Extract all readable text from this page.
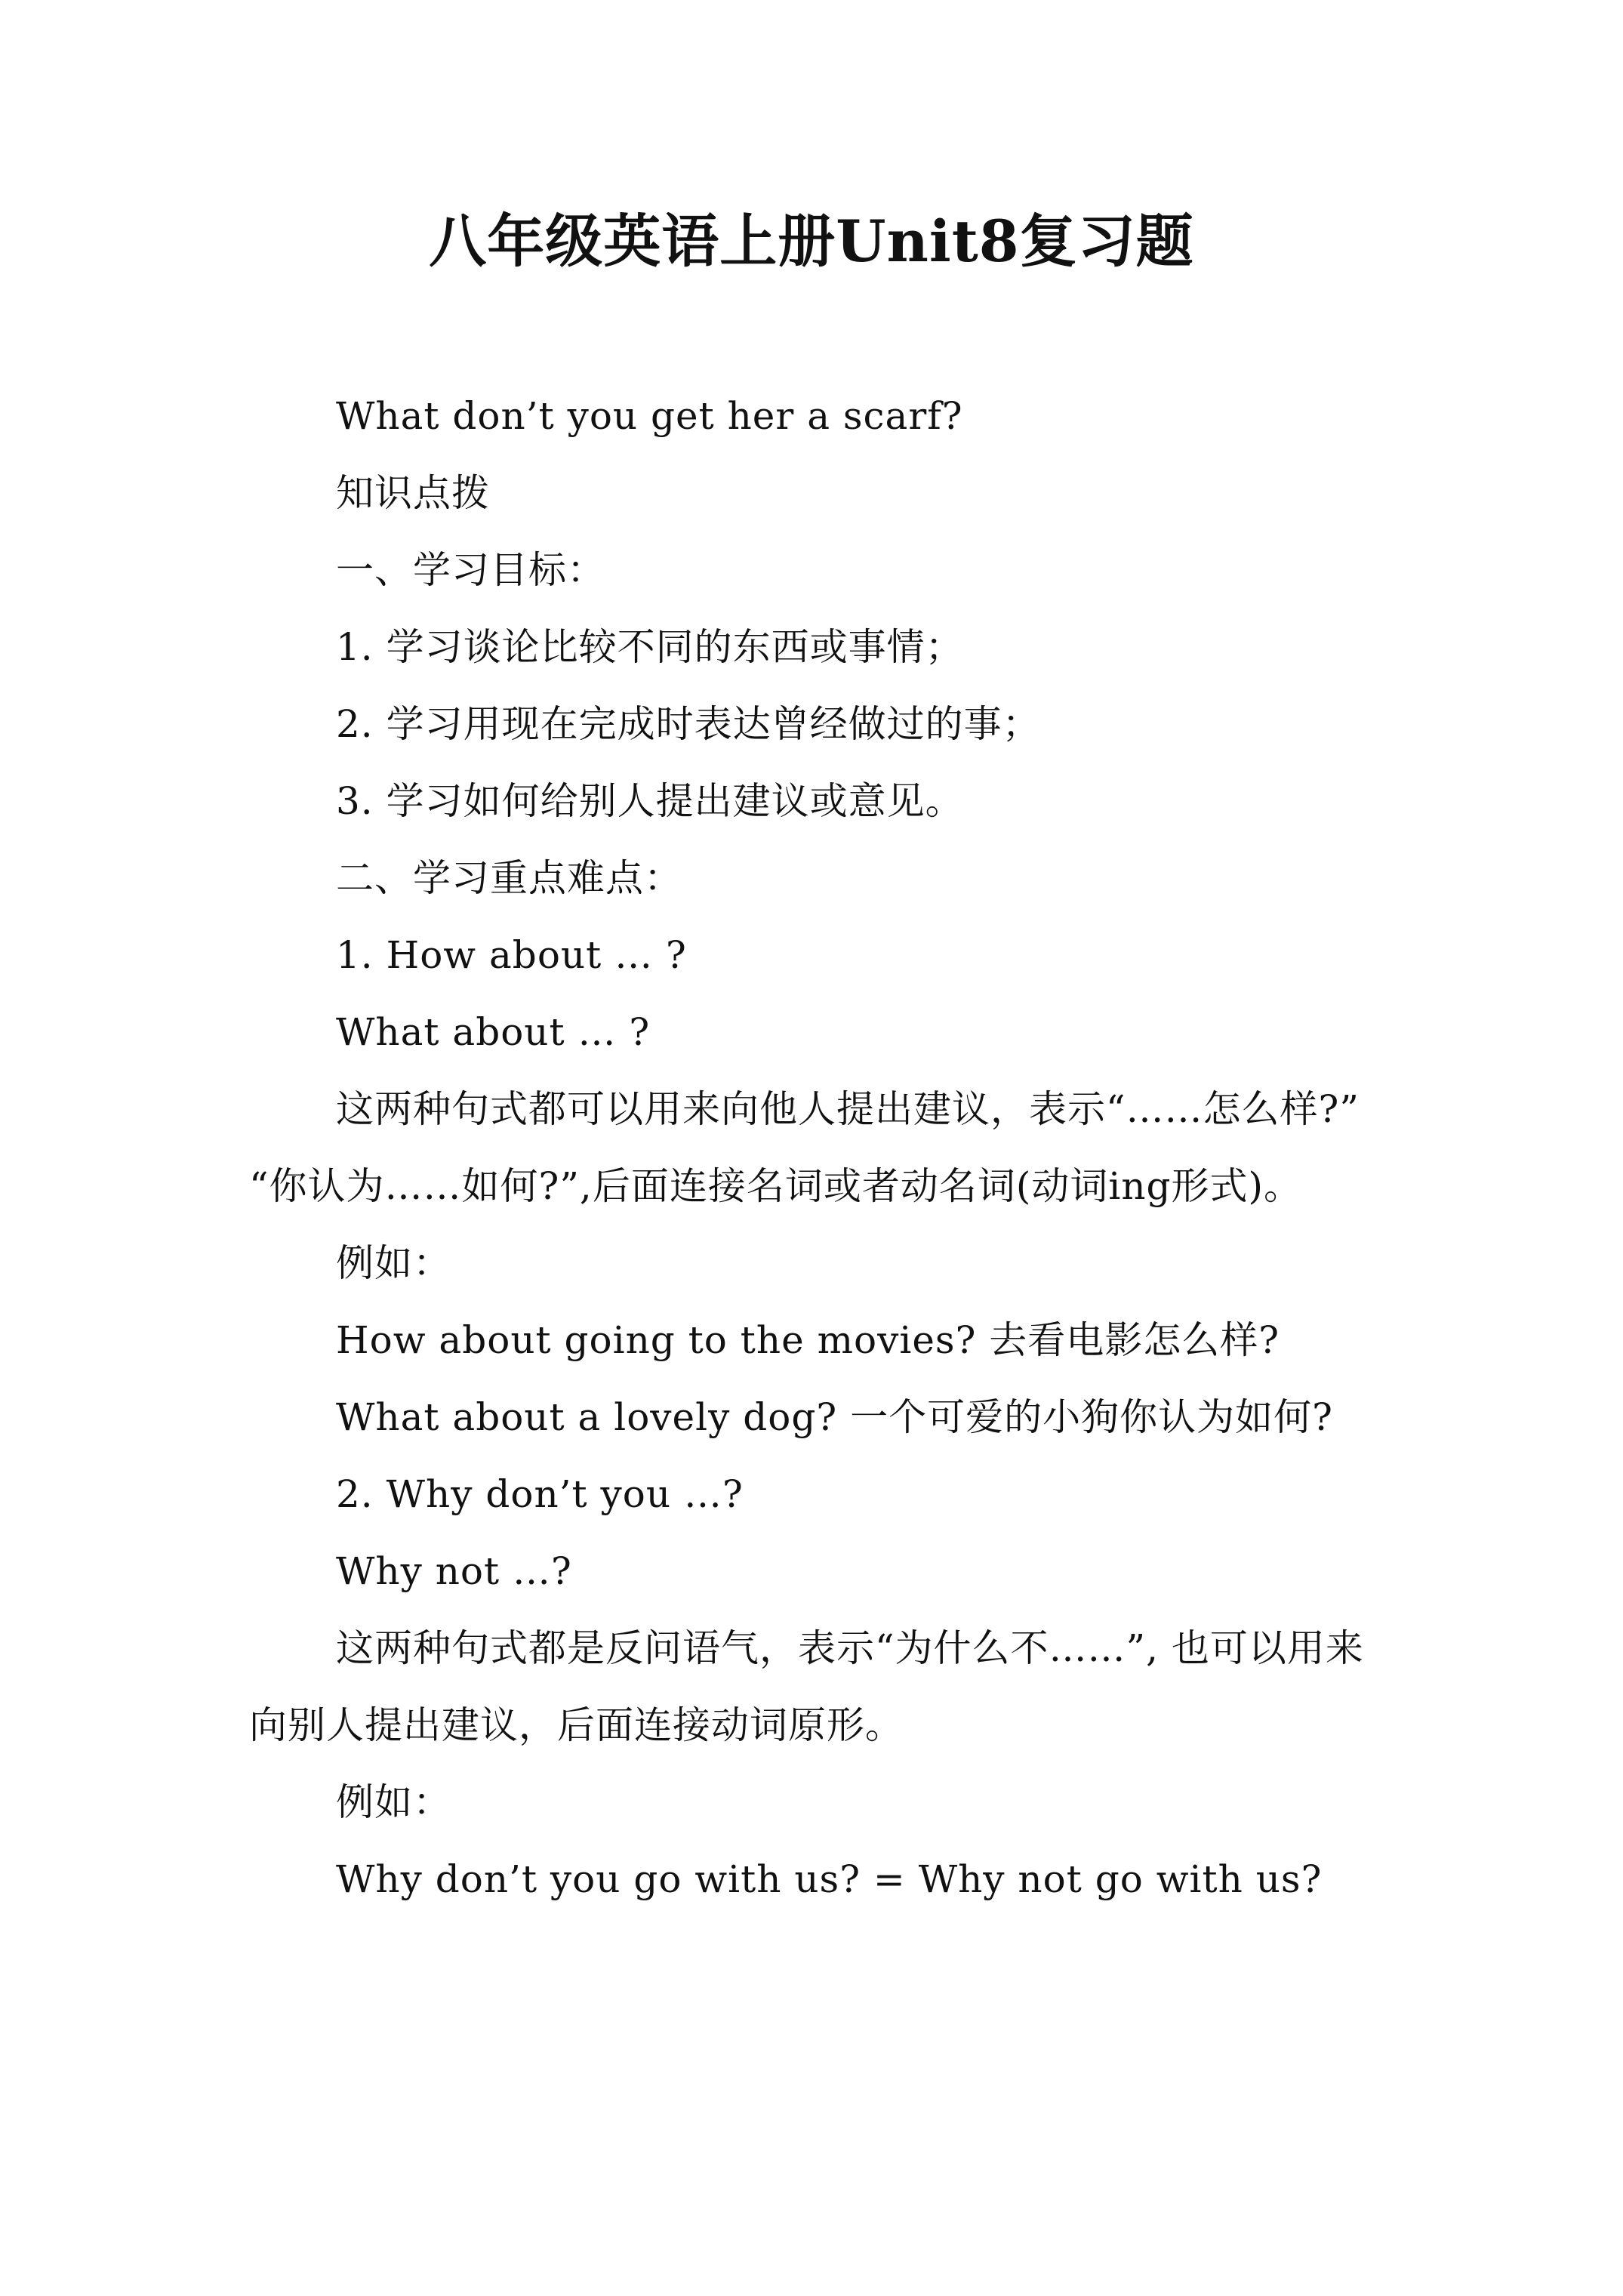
八年级英语上册Unit8复习题

What don’t you get her a scarf?

知识点拨

一、学习目标：

1. 学习谈论比较不同的东西或事情；

2. 学习用现在完成时表达曾经做过的事；

3. 学习如何给别人提出建议或意见。

二、学习重点难点：

1. How about … ?

What about … ?

这两种句式都可以用来向他人提出建议，表示“……怎么样?” “你认为……如何?”,后面连接名词或者动名词(动词ing形式)。

例如：

How about going to the movies? 去看电影怎么样?

What about a lovely dog? 一个可爱的小狗你认为如何?

2. Why don’t you …?

Why not …?

这两种句式都是反问语气，表示“为什么不……”, 也可以用来向别人提出建议，后面连接动词原形。

例如：

Why don’t you go with us? = Why not go with us?
